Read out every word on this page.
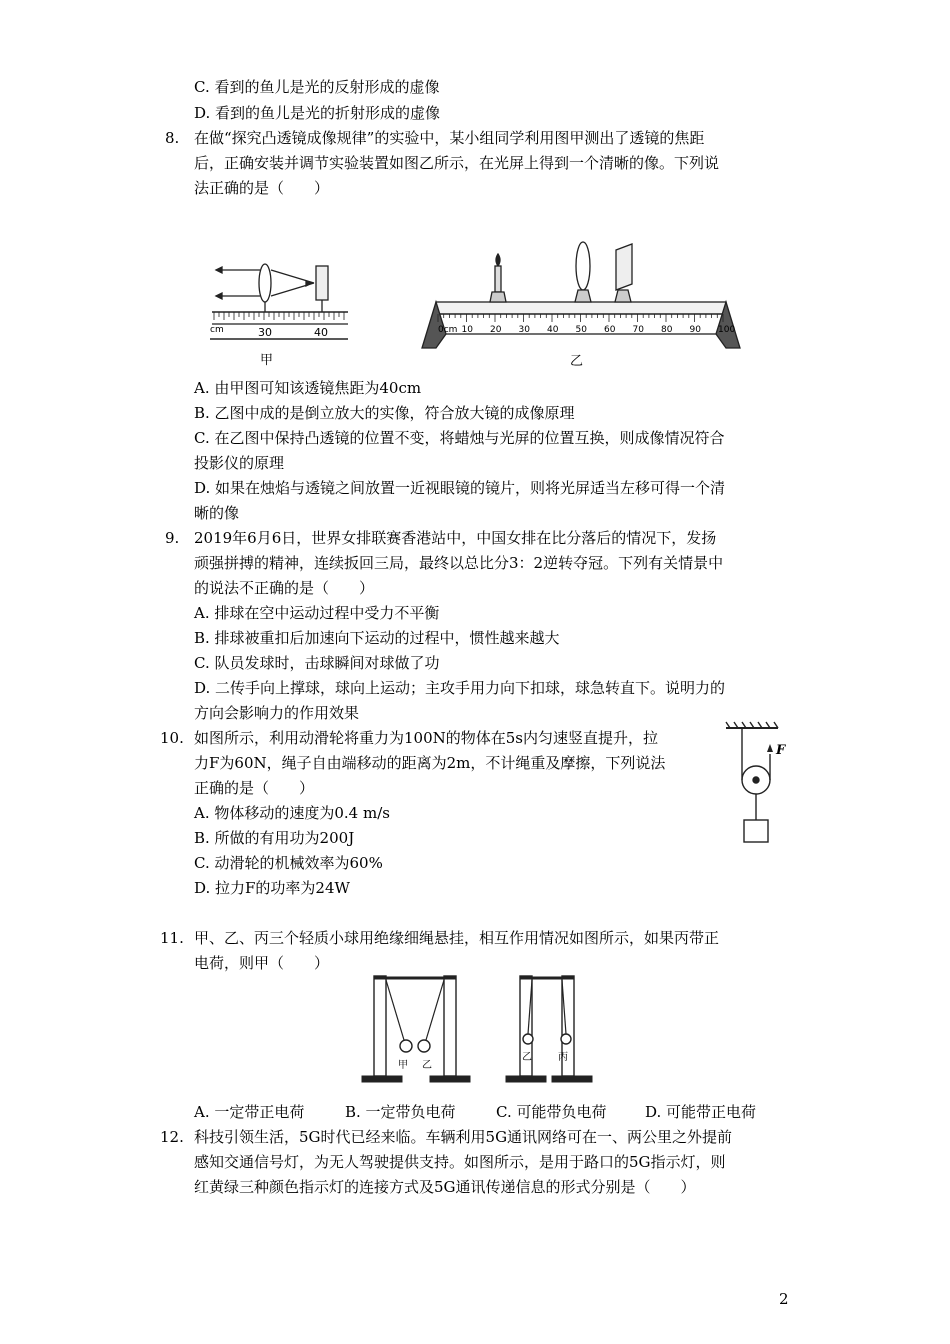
C. 看到的鱼儿是光的反射形成的虚像
D. 看到的鱼儿是光的折射形成的虚像
8. 在做“探究凸透镜成像规律”的实验中，某小组同学利用图甲测出了透镜的焦距
后，正确安装并调节实验装置如图乙所示，在光屏上得到一个清晰的像。下列说
法正确的是（　　）
cm	30	40
甲
0cm 10 20 30 40 50 60 70 80 90 100
乙
A. 由甲图可知该透镜焦距为40cm
B. 乙图中成的是倒立放大的实像，符合放大镜的成像原理
C. 在乙图中保持凸透镜的位置不变，将蜡烛与光屏的位置互换，则成像情况符合
投影仪的原理
D. 如果在烛焰与透镜之间放置一近视眼镜的镜片，则将光屏适当左移可得一个清
晰的像
9. 2019年6月6日，世界女排联赛香港站中，中国女排在比分落后的情况下，发扬
顽强拼搏的精神，连续扳回三局，最终以总比分3：2逆转夺冠。下列有关情景中
的说法不正确的是（　　）
A. 排球在空中运动过程中受力不平衡
B. 排球被重扣后加速向下运动的过程中，惯性越来越大
C. 队员发球时，击球瞬间对球做了功
D. 二传手向上撑球，球向上运动；主攻手用力向下扣球，球急转直下。说明力的
方向会影响力的作用效果
10. 如图所示，利用动滑轮将重力为100N的物体在5s内匀速竖直提升，拉
力F为60N，绳子自由端移动的距离为2m，不计绳重及摩擦，下列说法
正确的是（　　）
A. 物体移动的速度为0.4 m/s
B. 所做的有用功为200J
C. 动滑轮的机械效率为60%
D. 拉力F的功率为24W
F
11. 甲、乙、丙三个轻质小球用绝缘细绳悬挂，相互作用情况如图所示，如果丙带正
电荷，则甲（　　）
甲 乙
乙	丙
A. 一定带正电荷	B. 一定带负电荷	C. 可能带负电荷	D. 可能带正电荷
12. 科技引领生活，5G时代已经来临。车辆利用5G通讯网络可在一、两公里之外提前
感知交通信号灯，为无人驾驶提供支持。如图所示，是用于路口的5G指示灯，则
红黄绿三种颜色指示灯的连接方式及5G通讯传递信息的形式分别是（　　）
2
